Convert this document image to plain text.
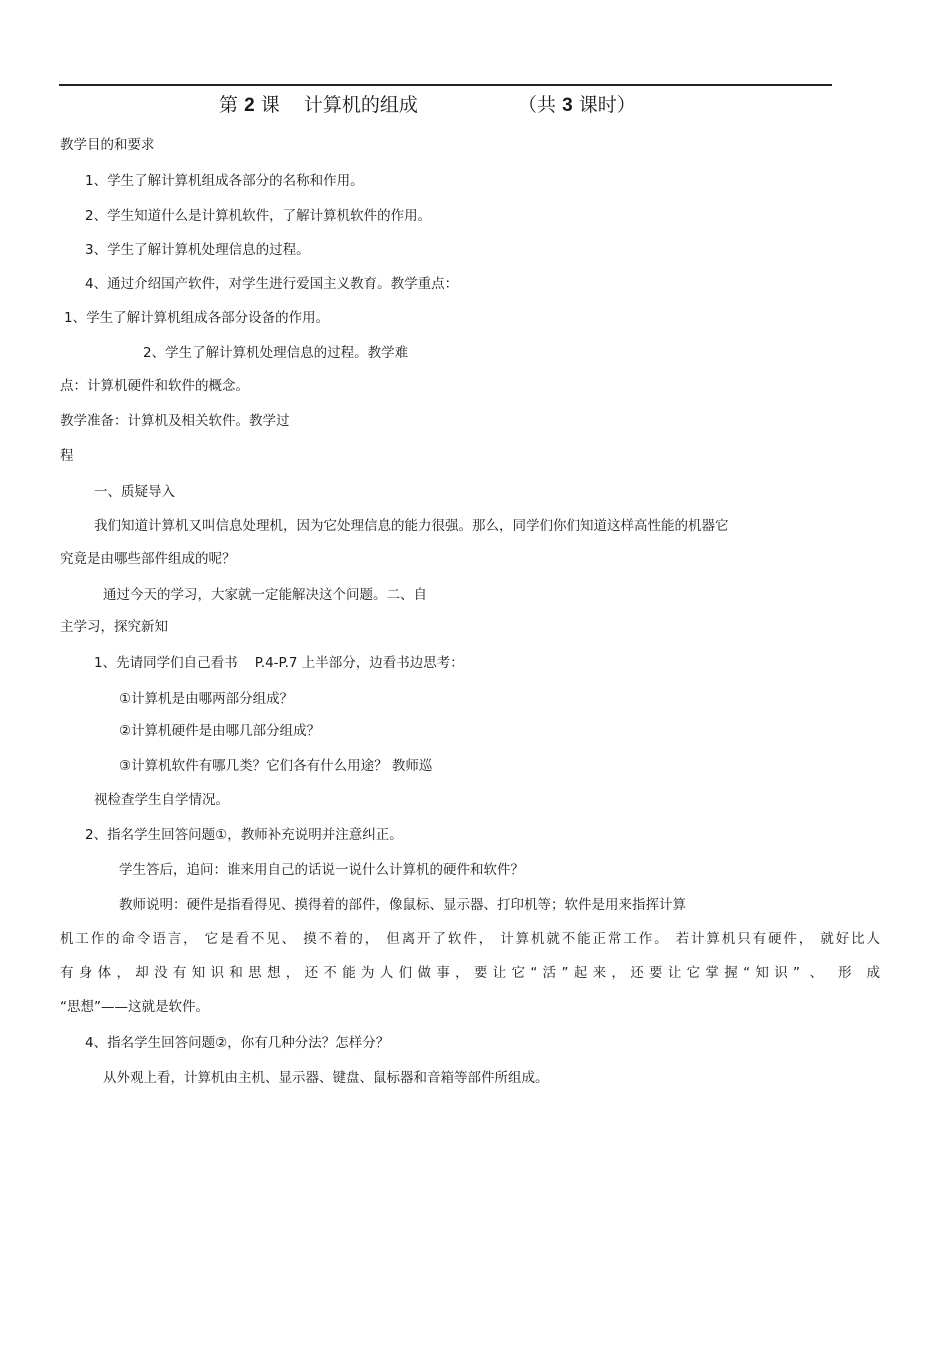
第 2 课 计算机的组成	（共 3 课时）
教学目的和要求
1、学生了解计算机组成各部分的名称和作用。
2、学生知道什么是计算机软件，了解计算机软件的作用。
3、学生了解计算机处理信息的过程。
4、通过介绍国产软件，对学生进行爱国主义教育。教学重点：
1、学生了解计算机组成各部分设备的作用。
2、学生了解计算机处理信息的过程。教学难
点：计算机硬件和软件的概念。
教学准备：计算机及相关软件。教学过
程
一、质疑导入
我们知道计算机又叫信息处理机，因为它处理信息的能力很强。那么，同学们你们知道这样高性能的机器它
究竟是由哪些部件组成的呢？
通过今天的学习，大家就一定能解决这个问题。二、自
主学习，探究新知
1、先请同学们自己看书    P.4-P.7 上半部分，边看书边思考：
①计算机是由哪两部分组成？
②计算机硬件是由哪几部分组成？
③计算机软件有哪几类？它们各有什么用途？ 教师巡
视检查学生自学情况。
2、指名学生回答问题①，教师补充说明并注意纠正。
学生答后，追问：谁来用自己的话说一说什么计算机的硬件和软件？
教师说明：硬件是指看得见、摸得着的部件，像鼠标、显示器、打印机等；软件是用来指挥计算
机工作的命令语言， 它是看不见、 摸不着的， 但离开了软件， 计算机就不能正常工作。 若计算机只有硬件， 就好比人
有身体，却没有知识和思想，还不能为人们做事，要让它“活”起来，还要让它掌握“知识” 、 形 成
“思想”——这就是软件。
4、指名学生回答问题②，你有几种分法？怎样分？
从外观上看，计算机由主机、显示器、键盘、鼠标器和音箱等部件所组成。
